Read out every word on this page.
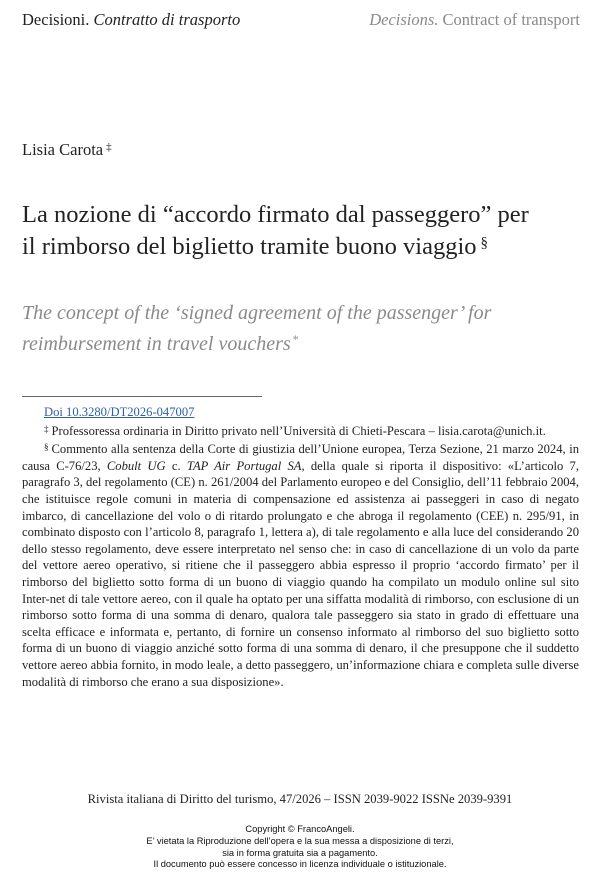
Decisioni. Contratto di trasporto	Decisions. Contract of transport
Lisia Carota ‡
La nozione di “accordo firmato dal passeggero” per il rimborso del biglietto tramite buono viaggio §
The concept of the ‘signed agreement of the passenger’ for reimbursement in travel vouchers *

Doi 10.3280/DT2026-047007

‡ Professoressa ordinaria in Diritto privato nell’Università di Chieti-Pescara – lisia.carota@unich.it.

§ Commento alla sentenza della Corte di giustizia dell’Unione europea, Terza Sezione, 21 marzo 2024, in causa C-76/23, Cobult UG c. TAP Air Portugal SA, della quale si riporta il dispositivo: «L’articolo 7, paragrafo 3, del regolamento (CE) n. 261/2004 del Parlamento europeo e del Consiglio, dell’11 febbraio 2004, che istituisce regole comuni in materia di compensazione ed assistenza ai passeggeri in caso di negato imbarco, di cancellazione del volo o di ritardo prolungato e che abroga il regolamento (CEE) n. 295/91, in combinato disposto con l’articolo 8, paragrafo 1, lettera a), di tale regolamento e alla luce del considerando 20 dello stesso regolamento, deve essere interpretato nel senso che: in caso di cancellazione di un volo da parte del vettore aereo operativo, si ritiene che il passeggero abbia espresso il proprio ‘accordo firmato’ per il rimborso del biglietto sotto forma di un buono di viaggio quando ha compilato un modulo online sul sito Inter-net di tale vettore aereo, con il quale ha optato per una siffatta modalità di rimborso, con esclusione di un rimborso sotto forma di una somma di denaro, qualora tale passeggero sia stato in grado di effettuare una scelta efficace e informata e, pertanto, di fornire un consenso informato al rimborso del suo biglietto sotto forma di un buono di viaggio anziché sotto forma di una somma di denaro, il che presuppone che il suddetto vettore aereo abbia fornito, in modo leale, a detto passeggero, un’informazione chiara e completa sulle diverse modalità di rimborso che erano a sua disposizione».

Rivista italiana di Diritto del turismo, 47/2026 – ISSN 2039-9022 ISSNe 2039-9391
Copyright © FrancoAngeli.
E’ vietata la Riproduzione dell’opera e la sua messa a disposizione di terzi,
sia in forma gratuita sia a pagamento.
Il documento può essere concesso in licenza individuale o istituzionale.
